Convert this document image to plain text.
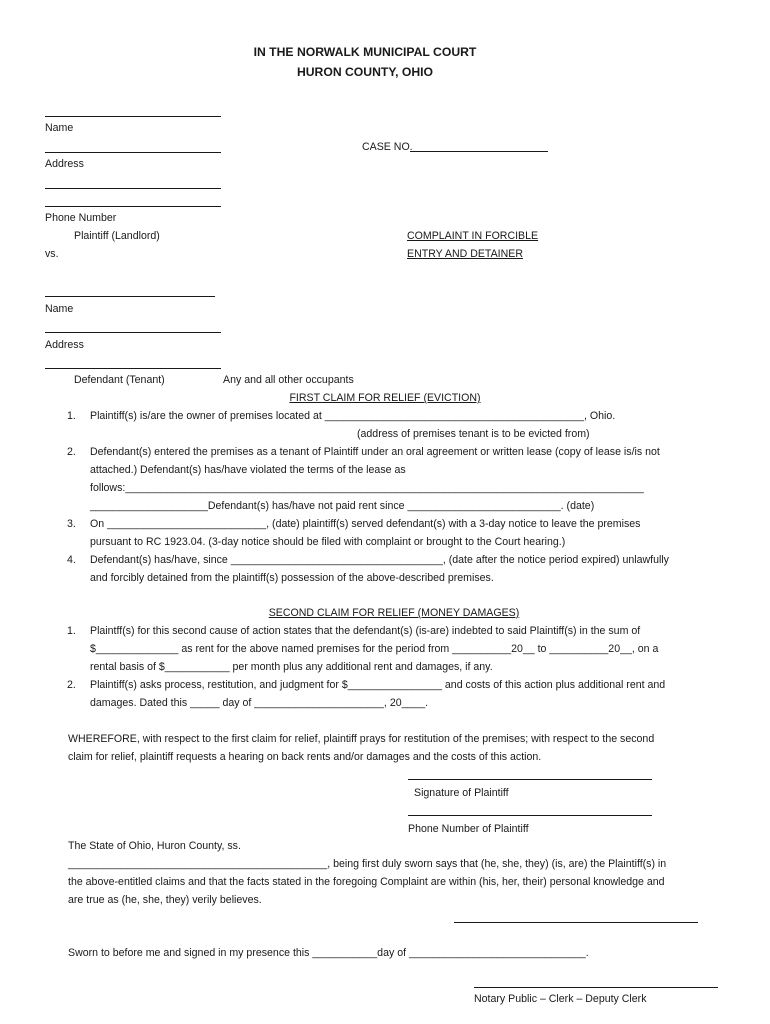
IN THE NORWALK MUNICIPAL COURT
HURON COUNTY, OHIO
Name
Address
Phone Number
Plaintiff (Landlord)
vs.
CASE NO.
COMPLAINT IN FORCIBLE
ENTRY AND DETAINER
Name
Address
Defendant (Tenant)	Any and all other occupants
FIRST CLAIM FOR RELIEF (EVICTION)
1.	Plaintiff(s) is/are the owner of premises located at ____________________________________________, Ohio.
(address of premises tenant is to be evicted from)
2.	Defendant(s) entered the premises as a tenant of Plaintiff under an oral agreement or written lease (copy of lease is/is not
attached.) Defendant(s) has/have violated the terms of the lease as
follows:________________________________________________________________________________________
____________________Defendant(s) has/have not paid rent since __________________________. (date)
3.	On ___________________________, (date) plaintiff(s) served defendant(s) with a 3-day notice to leave the premises
pursuant to RC 1923.04. (3-day notice should be filed with complaint or brought to the Court hearing.)
4.	Defendant(s) has/have, since ____________________________________, (date after the notice period expired) unlawfully
and forcibly detained from the plaintiff(s) possession of the above-described premises.
SECOND CLAIM FOR RELIEF (MONEY DAMAGES)
1.	Plaintff(s) for this second cause of action states that the defendant(s) (is-are) indebted to said Plaintiff(s) in the sum of
$______________ as rent for the above named premises for the period from __________20__ to __________20__, on a
rental basis of $___________ per month plus any additional rent and damages, if any.
2.	Plaintiff(s) asks process, restitution, and judgment for $________________ and costs of this action plus additional rent and
damages. Dated this _____ day of ______________________, 20____.
WHEREFORE, with respect to the first claim for relief, plaintiff prays for restitution of the premises; with respect to the second
claim for relief, plaintiff requests a hearing on back rents and/or damages and the costs of this action.
Signature of Plaintiff
Phone Number of Plaintiff
The State of Ohio, Huron County, ss.
____________________________________________, being first duly sworn says that (he, she, they) (is, are) the Plaintiff(s) in
the above-entitled claims and that the facts stated in the foregoing Complaint are within (his, her, their) personal knowledge and
are true as (he, she, they) verily believes.
Sworn to before me and signed in my presence this ___________day of ______________________________.
Notary Public – Clerk – Deputy Clerk
